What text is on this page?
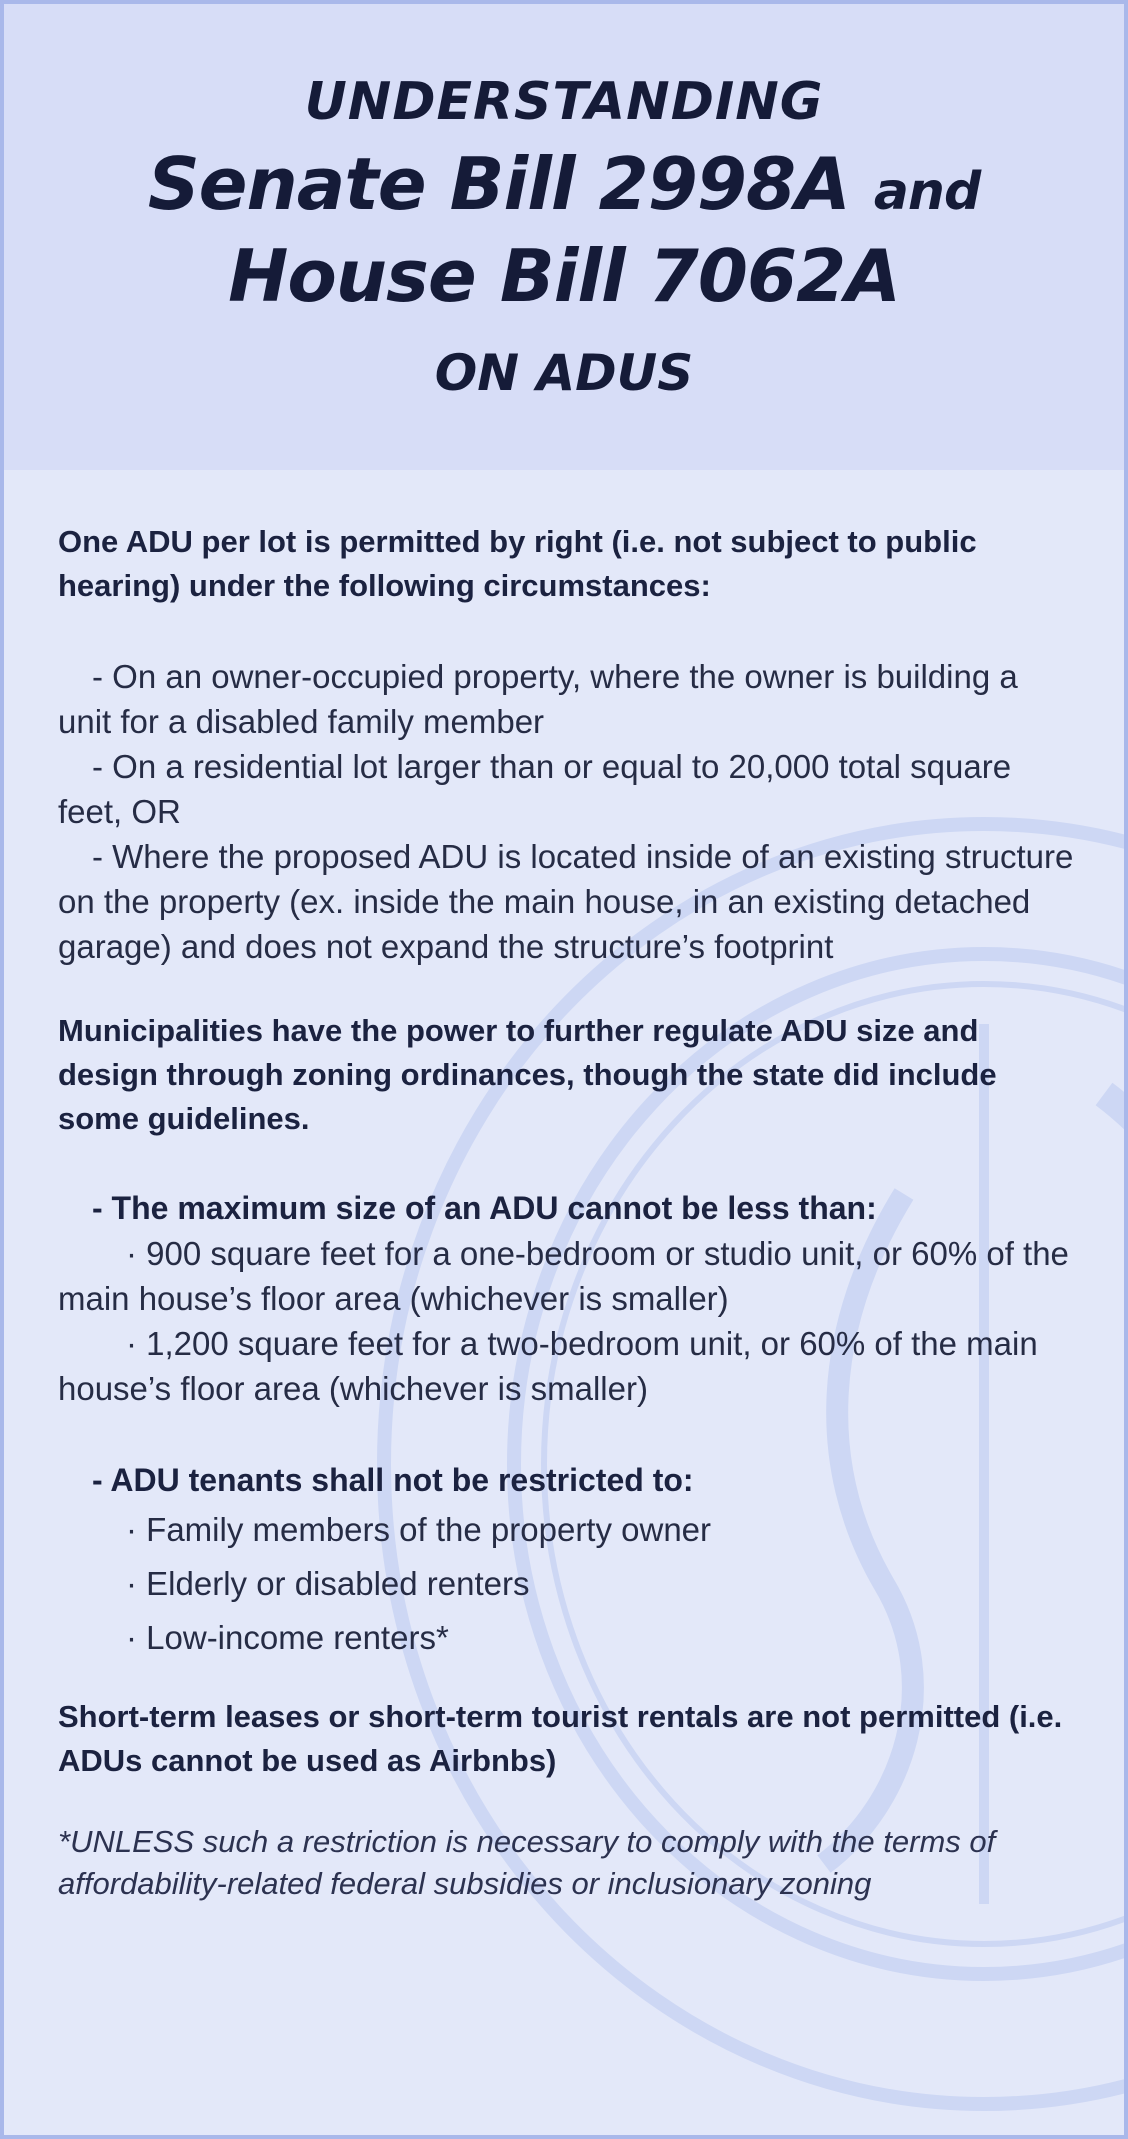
UNDERSTANDING
Senate Bill 2998A and
House Bill 7062A
ON ADUS

One ADU per lot is permitted by right (i.e. not subject to public hearing) under the following circumstances:

- On an owner-occupied property, where the owner is building a unit for a disabled family member

- On a residential lot larger than or equal to 20,000 total square feet, OR

- Where the proposed ADU is located inside of an existing structure on the property (ex. inside the main house, in an existing detached garage) and does not expand the structure’s footprint

Municipalities have the power to further regulate ADU size and design through zoning ordinances, though the state did include some guidelines.

- The maximum size of an ADU cannot be less than:

· 900 square feet for a one-bedroom or studio unit, or 60% of the main house’s floor area (whichever is smaller)

· 1,200 square feet for a two-bedroom unit, or 60% of the main house’s floor area (whichever is smaller)

- ADU tenants shall not be restricted to:

· Family members of the property owner

· Elderly or disabled renters

· Low-income renters*

Short-term leases or short-term tourist rentals are not permitted (i.e. ADUs cannot be used as Airbnbs)

*UNLESS such a restriction is necessary to comply with the terms of affordability-related federal subsidies or inclusionary zoning
